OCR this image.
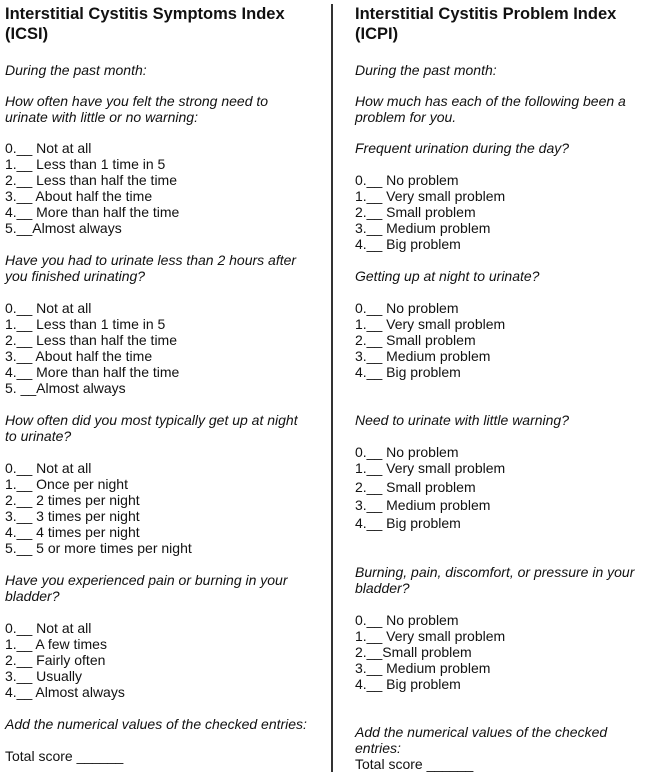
Interstitial Cystitis Symptoms Index
(ICSI)
During the past month:
How often have you felt the strong need to urinate with little or no warning:
0.__ Not at all
1.__ Less than 1 time in 5
2.__ Less than half the time
3.__ About half the time
4.__ More than half the time
5.__Almost always
Have you had to urinate less than 2 hours after you finished urinating?
0.__ Not at all
1.__ Less than 1 time in 5
2.__ Less than half the time
3.__ About half the time
4.__ More than half the time
5. __Almost always
How often did you most typically get up at night to urinate?
0.__ Not at all
1.__ Once per night
2.__ 2 times per night
3.__ 3 times per night
4.__ 4 times per night
5.__ 5 or more times per night
Have you experienced pain or burning in your bladder?
0.__ Not at all
1.__ A few times
2.__ Fairly often
3.__ Usually
4.__ Almost always
Add the numerical values of the checked entries:
Total score ______
Interstitial Cystitis Problem Index
(ICPI)
During the past month:
How much has each of the following been a problem for you.
Frequent urination during the day?
0.__ No problem
1.__ Very small problem
2.__ Small problem
3.__ Medium problem
4.__ Big problem
Getting up at night to urinate?
0.__ No problem
1.__ Very small problem
2.__ Small problem
3.__ Medium problem
4.__ Big problem
Need to urinate with little warning?
0.__ No problem
1.__ Very small problem
2.__ Small problem
3.__ Medium problem
4.__ Big problem
Burning, pain, discomfort, or pressure in your bladder?
0.__ No problem
1.__ Very small problem
2.__Small problem
3.__ Medium problem
4.__ Big problem
Add the numerical values of the checked entries:
Total score ______
